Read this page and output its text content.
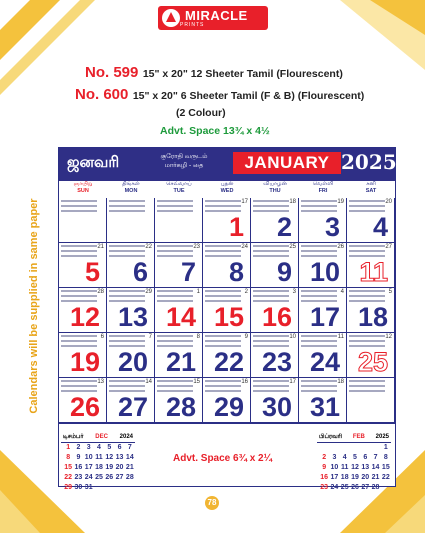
MIRACLE
PRINTS
No. 599 15" x 20" 12 Sheeter Tamil (Flourescent)
No. 600 15" x 20" 6 Sheeter Tamil (F & B) (Flourescent)
(2 Colour)
Advt. Space 13¾ x 4½
Calendars will be supplied in same paper
ஜனவரி	குரோதி வருடம்
மார்கழி - தை	JANUARY 2025
ஞாயிறு
SUN
திங்கள்
MON
செவ்வாய்
TUE
புதன்
WED
வியாழன்
THU
வெள்ளி
FRI
சனி
SAT
17
1
18
2
19
3
20
4
21
5
22
6
23
7
24
8
25
9
26
10
27
11
28
12
29
13
1
14
2
15
3
16
4
17
5
18
6
19
7
20
8
21
9
22
10
23
11
24
12
25
13
26
14
27
15
28
16
29
17
30
18
31
டிசம்பர் DEC 2024
1 2 3 4 5 6 7
8 9 10 11 12 13 14
15 16 17 18 19 20 21
22 23 24 25 26 27 28
29 30 31
Advt. Space 6¾ x 2¼
பிப்ரவரி FEB 2025
1
2 3 4 5 6 7 8
9 10 11 12 13 14 15
16 17 18 19 20 21 22
23 24 25 26 27 28
78
